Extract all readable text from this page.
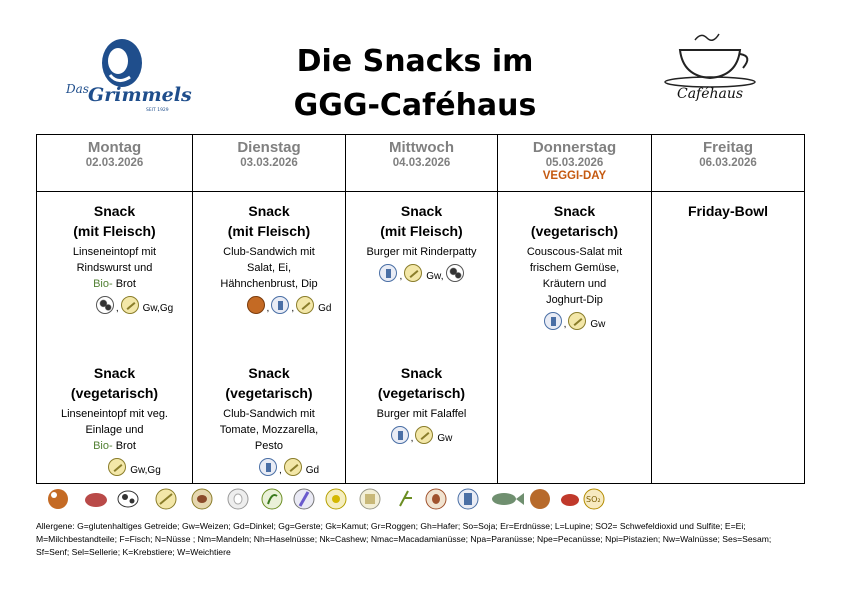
Das Grimmels
SEIT 1929
Die Snacks im
GGG-Caféhaus	Caféhaus
Montag
02.03.2026
Snack
(mit Fleisch)
Linseneintopf mit
Rindswurst und
Bio- Brot
, Gw,Gg
Snack
(vegetarisch)
Linseneintopf mit veg.
Einlage und
Bio- Brot
Gw,Gg
Dienstag
03.03.2026
Snack
(mit Fleisch)
Club-Sandwich mit
Salat, Ei,
Hähnchenbrust, Dip
, , Gd
Snack
(vegetarisch)
Club-Sandwich mit
Tomate, Mozzarella,
Pesto
, Gd
Mittwoch
04.03.2026
Snack
(mit Fleisch)
Burger mit Rinderpatty
, Gw,
Snack
(vegetarisch)
Burger mit Falaffel
, Gw
Donnerstag
05.03.2026
VEGGI-DAY
Snack
(vegetarisch)
Couscous-Salat mit
frischem Gemüse,
Kräutern und
Joghurt-Dip
, Gw
Freitag
06.03.2026
Friday-Bowl
SO₂
Allergene: G=glutenhaltiges Getreide; Gw=Weizen; Gd=Dinkel; Gg=Gerste; Gk=Kamut; Gr=Roggen; Gh=Hafer; So=Soja; Er=Erdnüsse; L=Lupine; SO2= Schwefeldioxid und Sulfite; E=Ei; M=Milchbestandteile; F=Fisch; N=Nüsse ; Nm=Mandeln; Nh=Haselnüsse; Nk=Cashew; Nmac=Macadamianüsse; Npa=Paranüsse; Npe=Pecanüsse; Npi=Pistazien; Nw=Walnüsse; Ses=Sesam; Sf=Senf; Sel=Sellerie; K=Krebstiere; W=Weichtiere
